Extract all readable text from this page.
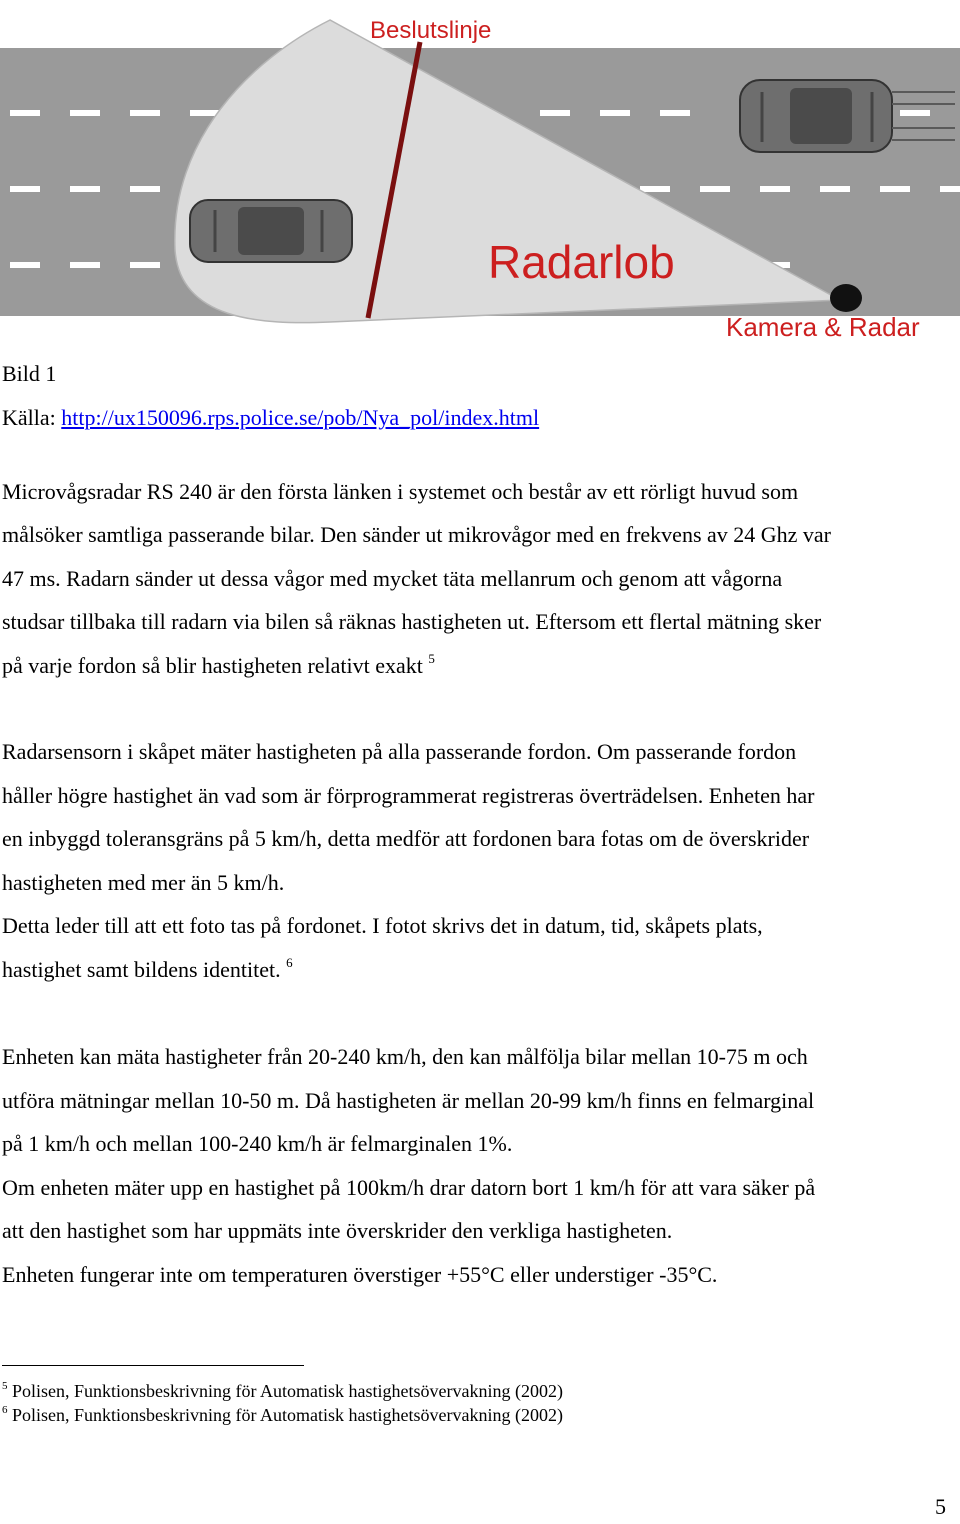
Beslutslinje
Radarlob
Kamera & Radar
Bild 1
Källa: http://ux150096.rps.police.se/pob/Nya_pol/index.html
Microvågsradar RS 240 är den första länken i systemet och består av ett rörligt huvud som
målsöker samtliga passerande bilar. Den sänder ut mikrovågor med en frekvens av 24 Ghz var
47 ms. Radarn sänder ut dessa vågor med mycket täta mellanrum och genom att vågorna
studsar tillbaka till radarn via bilen så räknas hastigheten ut. Eftersom ett flertal mätning sker
på varje fordon så blir hastigheten relativt exakt $^5$
Radarsensorn i skåpet mäter hastigheten på alla passerande fordon. Om passerande fordon
håller högre hastighet än vad som är förprogrammerat registreras överträdelsen. Enheten har
en inbyggd toleransgräns på 5 km/h, detta medför att fordonen bara fotas om de överskrider
hastigheten med mer än 5 km/h.
Detta leder till att ett foto tas på fordonet. I fotot skrivs det in datum, tid, skåpets plats,
hastighet samt bildens identitet. $^6$
Enheten kan mäta hastigheter från 20-240 km/h, den kan målfölja bilar mellan 10-75 m och
utföra mätningar mellan 10-50 m. Då hastigheten är mellan 20-99 km/h finns en felmarginal
på 1 km/h och mellan 100-240 km/h är felmarginalen 1%.
Om enheten mäter upp en hastighet på 100km/h drar datorn bort 1 km/h för att vara säker på
att den hastighet som har uppmäts inte överskrider den verkliga hastigheten.
Enheten fungerar inte om temperaturen överstiger +55°C eller understiger -35°C.
$^5$ Polisen, Funktionsbeskrivning för Automatisk hastighetsövervakning (2002)
$^6$ Polisen, Funktionsbeskrivning för Automatisk hastighetsövervakning (2002)
5
